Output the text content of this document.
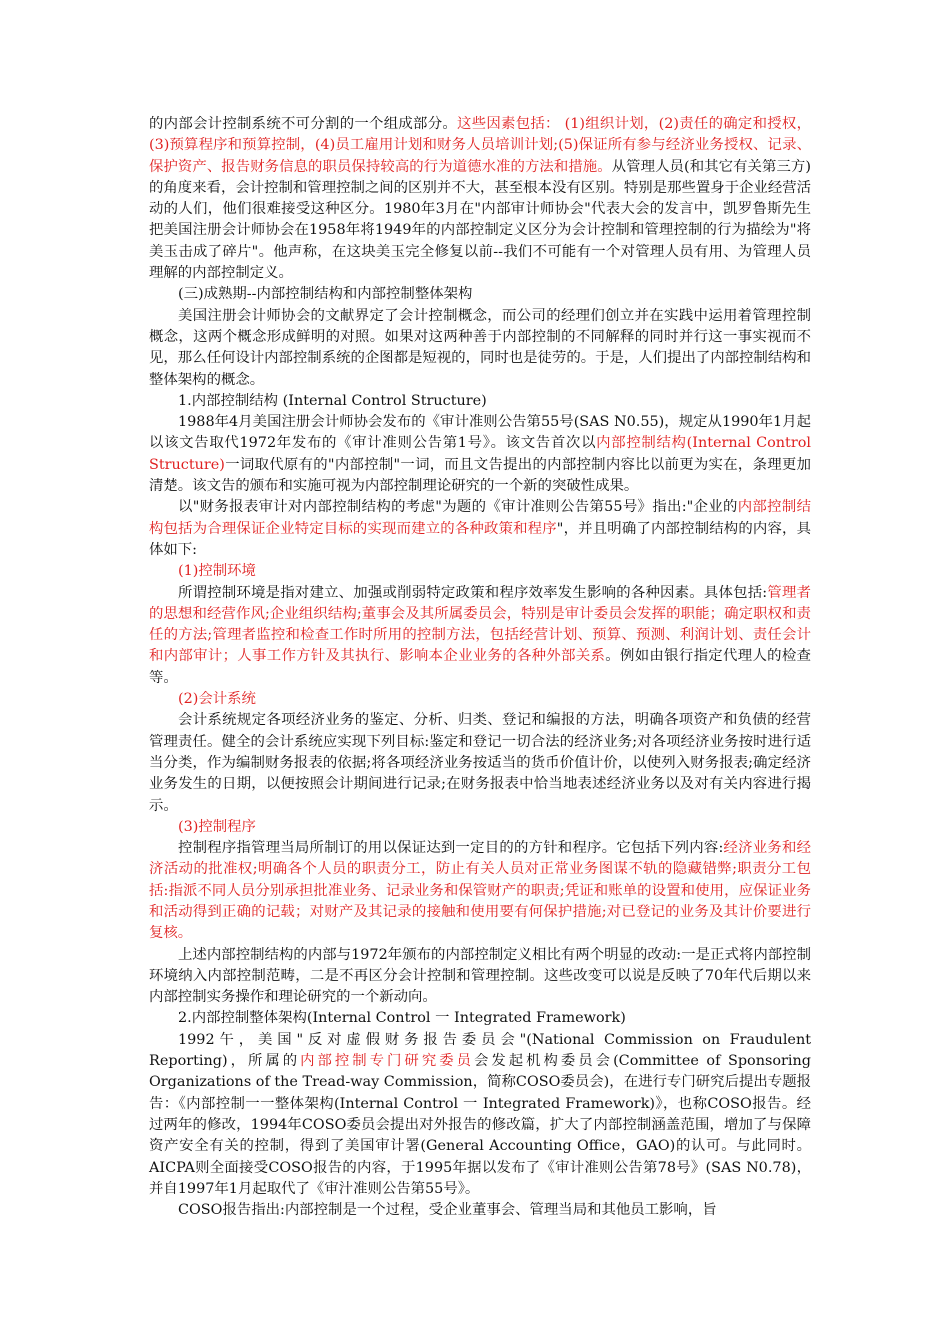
的内部会计控制系统不可分割的一个组成部分。这些因素包括： (1)组织计划，(2)责任的确定和授权，(3)预算程序和预算控制，(4)员工雇用计划和财务人员培训计划;(5)保证所有参与经济业务授权、记录、保护资产、报告财务信息的职员保持较高的行为道德水准的方法和措施。从管理人员(和其它有关第三方)的角度来看，会计控制和管理控制之间的区别并不大，甚至根本没有区别。特别是那些置身于企业经营活动的人们，他们很难接受这种区分。1980年3月在"内部审计师协会"代表大会的发言中，凯罗鲁斯先生把美国注册会计师协会在1958年将1949年的内部控制定义区分为会计控制和管理控制的行为描绘为"将美玉击成了碎片"。他声称，在这块美玉完全修复以前--我们不可能有一个对管理人员有用、为管理人员理解的内部控制定义。

(三)成熟期--内部控制结构和内部控制整体架构

美国注册会计师协会的文献界定了会计控制概念，而公司的经理们创立并在实践中运用着管理控制概念，这两个概念形成鲜明的对照。如果对这两种善于内部控制的不同解释的同时并行这一事实视而不见，那么任何设计内部控制系统的企图都是短视的，同时也是徒劳的。于是，人们提出了内部控制结构和整体架构的概念。

1.内部控制结构 (Internal Control Structure)

1988年4月美国注册会计师协会发布的《审计准则公告第55号(SAS N0.55)，规定从1990年1月起以该文告取代1972年发布的《审计准则公告第1号》。该文告首次以内部控制结构(Internal Control Structure)一词取代原有的"内部控制"一词，而且文告提出的内部控制内容比以前更为实在，条理更加清楚。该文告的颁布和实施可视为内部控制理论研究的一个新的突破性成果。

以"财务报表审计对内部控制结构的考虑"为题的《审计准则公告第55号》指出:"企业的内部控制结构包括为合理保证企业特定目标的实现而建立的各种政策和程序"，并且明确了内部控制结构的内容，具体如下:

(1)控制环境

所谓控制环境是指对建立、加强或削弱特定政策和程序效率发生影响的各种因素。具体包括:管理者的思想和经营作风;企业组织结构;董事会及其所属委员会，特别是审计委员会发挥的职能；确定职权和责任的方法;管理者监控和检查工作时所用的控制方法，包括经营计划、预算、预测、利润计划、责任会计和内部审计；人事工作方针及其执行、影响本企业业务的各种外部关系。例如由银行指定代理人的检查等。

(2)会计系统

会计系统规定各项经济业务的鉴定、分析、归类、登记和编报的方法，明确各项资产和负债的经营管理责任。健全的会计系统应实现下列目标:鉴定和登记一切合法的经济业务;对各项经济业务按时进行适当分类，作为编制财务报表的依据;将各项经济业务按适当的货币价值计价，以使列入财务报表;确定经济业务发生的日期，以便按照会计期间进行记录;在财务报表中恰当地表述经济业务以及对有关内容进行揭示。

(3)控制程序

控制程序指管理当局所制订的用以保证达到一定目的的方针和程序。它包括下列内容:经济业务和经济活动的批准权;明确各个人员的职责分工，防止有关人员对正常业务图谋不轨的隐藏错弊;职责分工包括:指派不同人员分别承担批准业务、记录业务和保管财产的职责;凭证和账单的设置和使用，应保证业务和活动得到正确的记载；对财产及其记录的接触和使用要有何保护措施;对已登记的业务及其计价要进行复核。

上述内部控制结构的内部与1972年颁布的内部控制定义相比有两个明显的改动:一是正式将内部控制环境纳入内部控制范畴，二是不再区分会计控制和管理控制。这些改变可以说是反映了70年代后期以来内部控制实务操作和理论研究的一个新动向。

2.内部控制整体架构(Internal Control 一 Integrated Framework)

1992午，美国"反对虚假财务报告委员会"(National Commission on Fraudulent Reporting)，所属的内部控制专门研究委员会发起机构委员会(Committee of Sponsoring Organizations of the Tread-way Commission，简称COSO委员会)，在进行专门研究后提出专题报告：《内部控制一一整体架构(Internal Control 一 Integrated Framework)》，也称COSO报告。经过两年的修改，1994年COSO委员会提出对外报告的修改篇，扩大了内部控制涵盖范围，增加了与保障资产安全有关的控制，得到了美国审计署(General Accounting Office，GAO)的认可。与此同时。AICPA则全面接受COSO报告的内容，于1995年据以发布了《审计准则公告第78号》(SAS N0.78)，并自1997年1月起取代了《审汁准则公告第55号》。

COSO报告指出:内部控制是一个过程，受企业董事会、管理当局和其他员工影响，旨
